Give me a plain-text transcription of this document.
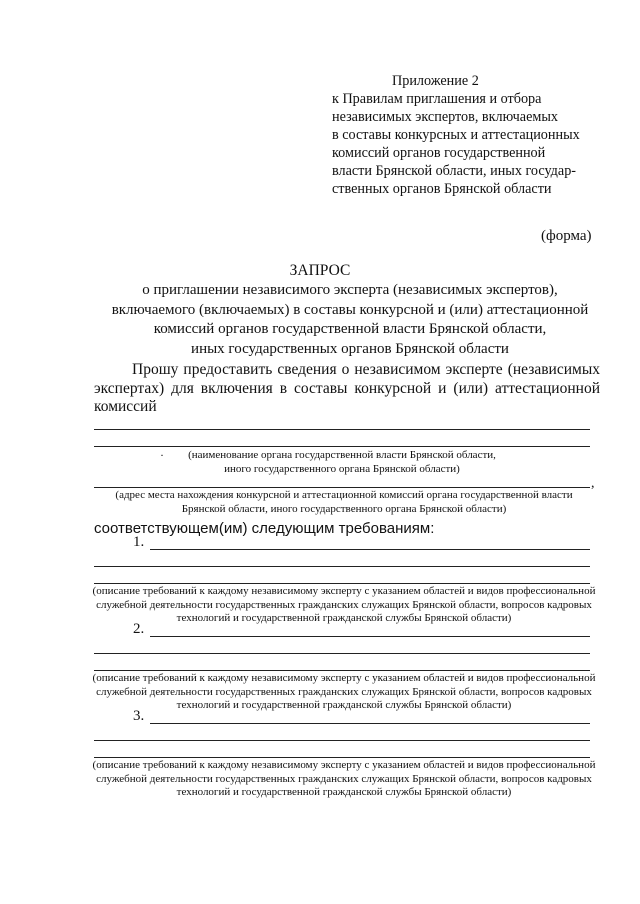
Приложение 2
к Правилам приглашения и отбора
независимых экспертов, включаемых
в составы конкурсных и аттестационных
комиссий органов государственной
власти Брянской области, иных государ-
ственных органов Брянской области
(форма)
ЗАПРОС
о приглашении независимого эксперта (независимых экспертов),
включаемого (включаемых) в составы конкурсной и (или) аттестационной
комиссий органов государственной власти Брянской области,
иных государственных органов Брянской области
Прошу предоставить сведения о независимом эксперте (независимых
экспертах) для включения в составы конкурсной и (или) аттестационной
комиссий
·	(наименование органа государственной власти Брянской области,
иного государственного органа Брянской области)
,
(адрес места нахождения конкурсной и аттестационной комиссий органа государственной власти
Брянской области, иного государственного органа Брянской области)
соответствующем(им) следующим требованиям:
1.
(описание требований к каждому независимому эксперту с указанием областей и видов профессиональной
служебной деятельности государственных гражданских служащих Брянской области, вопросов кадровых
технологий и государственной гражданской службы Брянской области)
2.
(описание требований к каждому независимому эксперту с указанием областей и видов профессиональной
служебной деятельности государственных гражданских служащих Брянской области, вопросов кадровых
технологий и государственной гражданской службы Брянской области)
3.
(описание требований к каждому независимому эксперту с указанием областей и видов профессиональной
служебной деятельности государственных гражданских служащих Брянской области, вопросов кадровых
технологий и государственной гражданской службы Брянской области)
